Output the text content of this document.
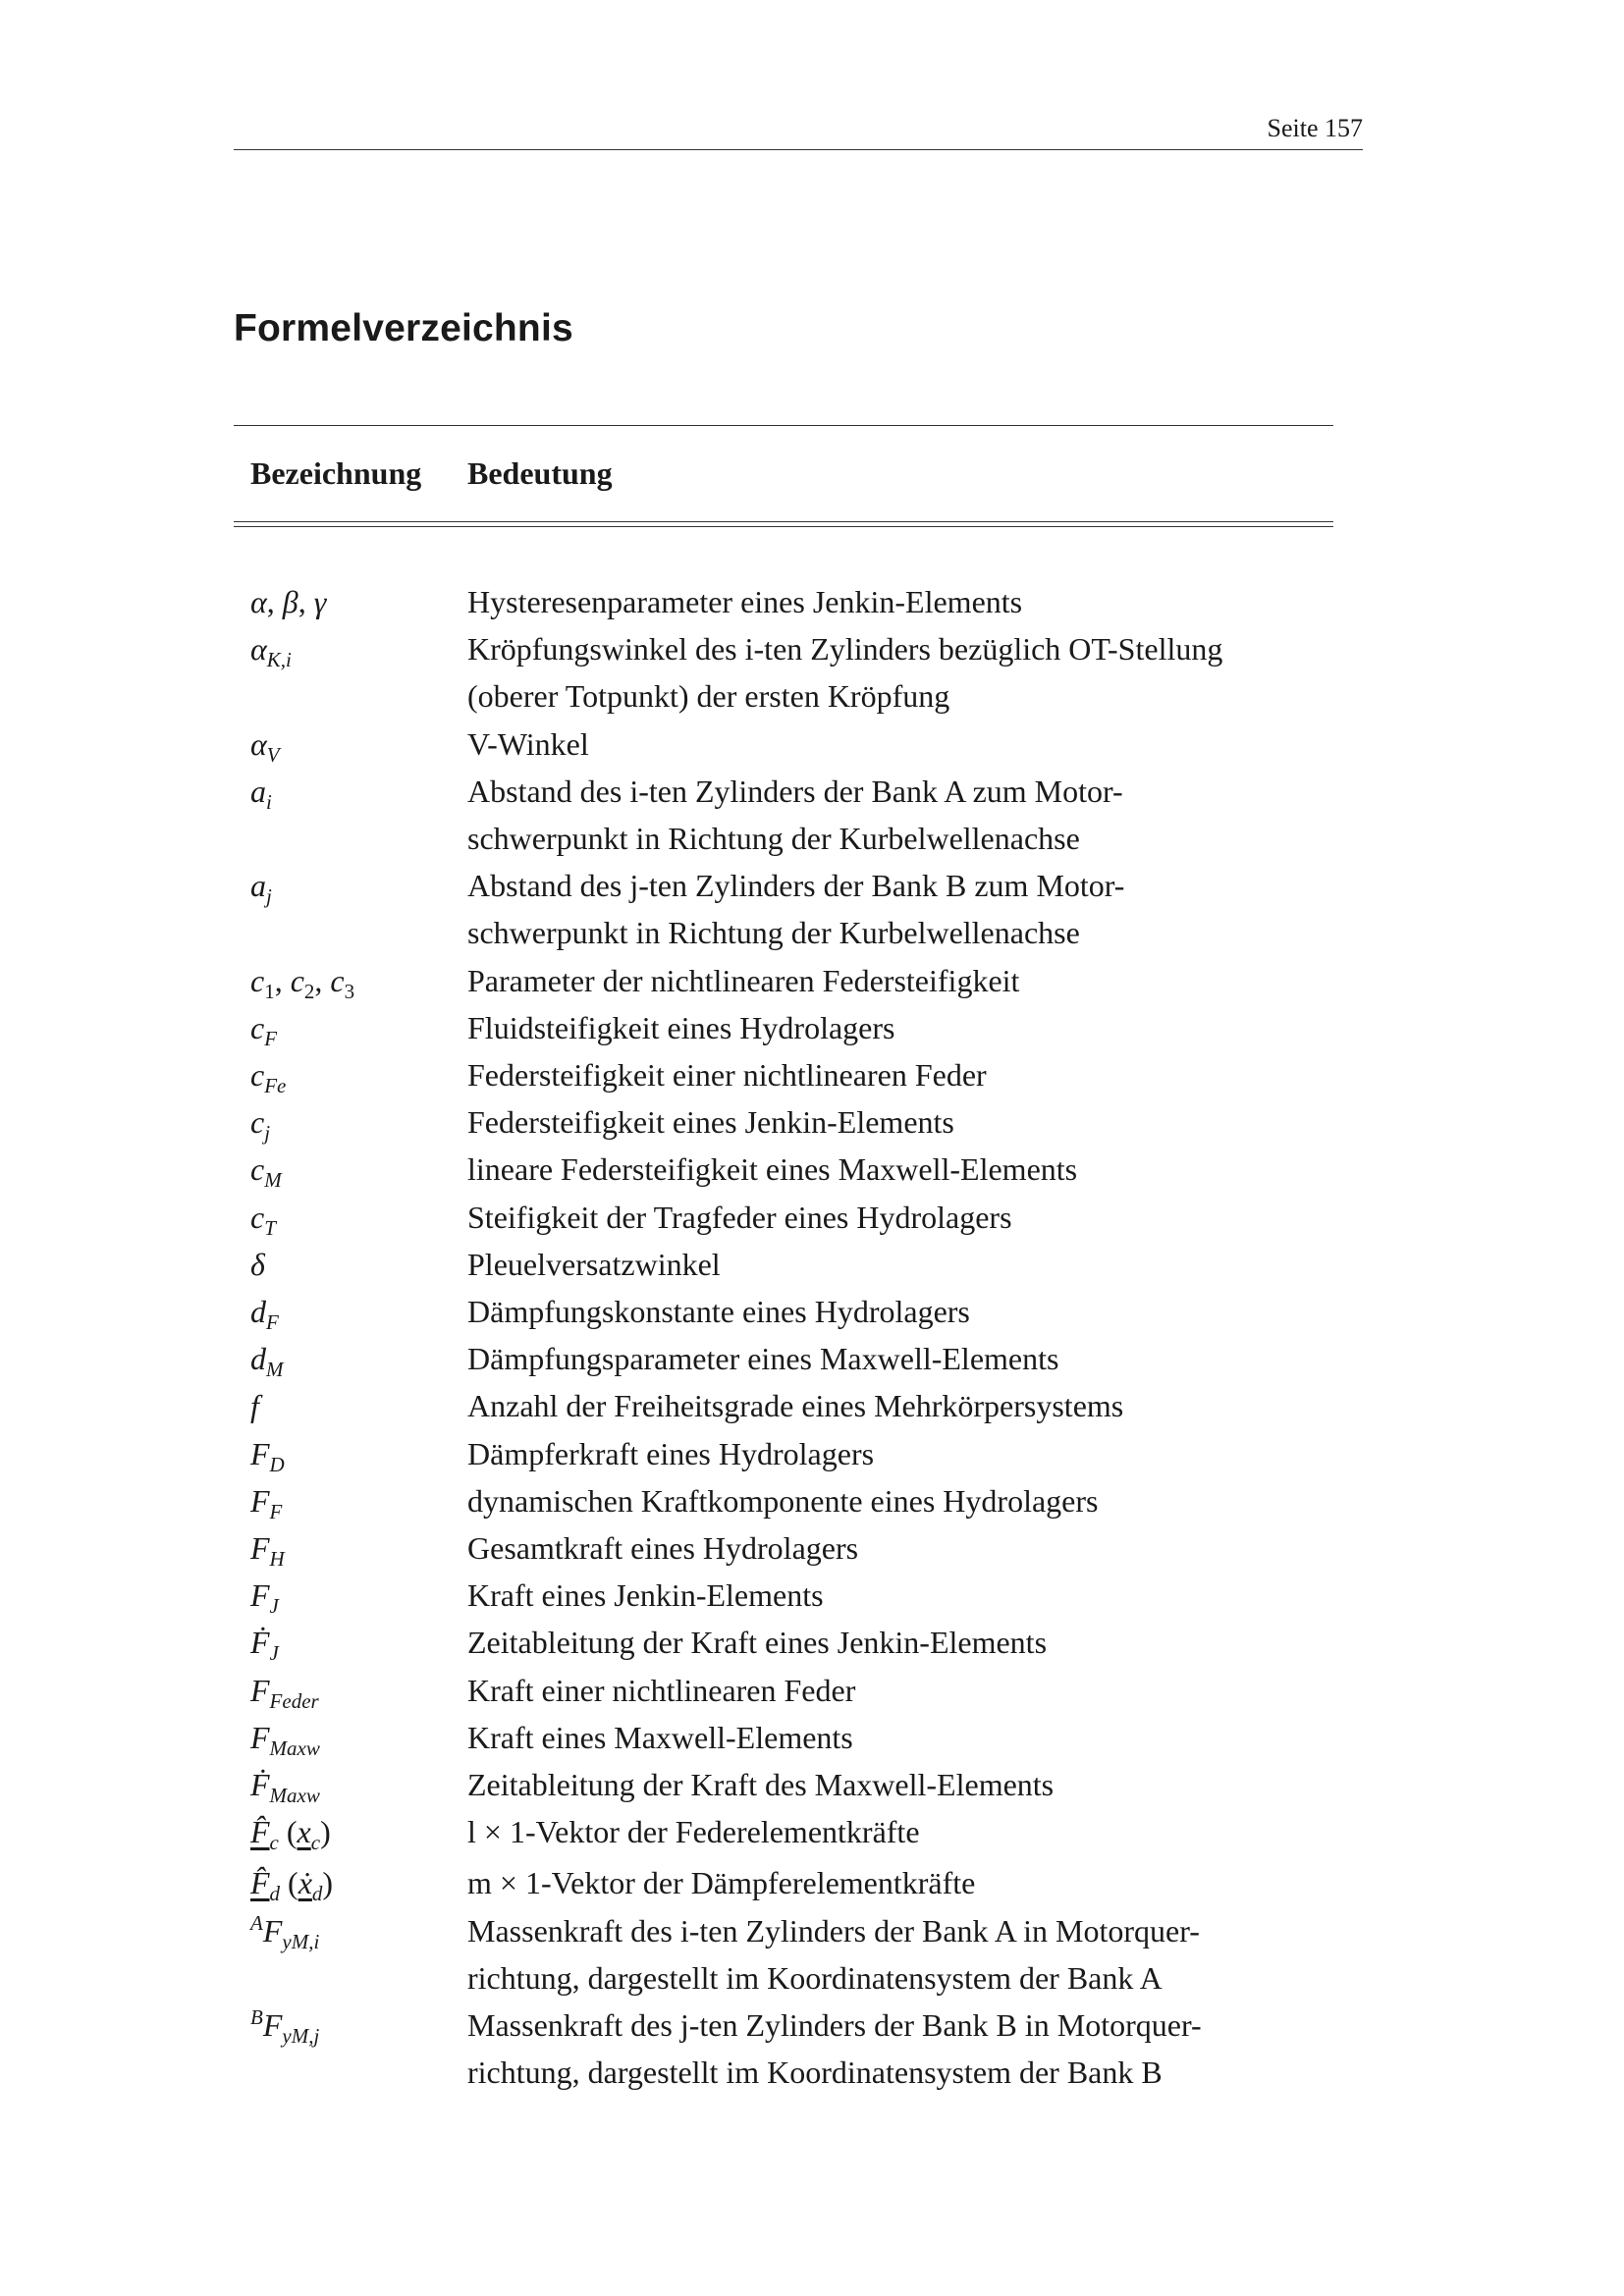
Seite 157
Formelverzeichnis
Bezeichnung	Bedeutung
α, β, γ	Hysteresenparameter eines Jenkin-Elements
$\alpha_{K,i}$	Kröpfungswinkel des i-ten Zylinders bezüglich OT-Stellung
(oberer Totpunkt) der ersten Kröpfung
$\alpha_V$	V-Winkel
$a_i$	Abstand des i-ten Zylinders der Bank A zum Motor-
schwerpunkt in Richtung der Kurbelwellenachse
$a_j$	Abstand des j-ten Zylinders der Bank B zum Motor-
schwerpunkt in Richtung der Kurbelwellenachse
$c_1$, $c_2$, $c_3$	Parameter der nichtlinearen Federsteifigkeit
$c_F$	Fluidsteifigkeit eines Hydrolagers
$c_{Fe}$	Federsteifigkeit einer nichtlinearen Feder
$c_j$	Federsteifigkeit eines Jenkin-Elements
$c_M$	lineare Federsteifigkeit eines Maxwell-Elements
$c_T$	Steifigkeit der Tragfeder eines Hydrolagers
δ	Pleuelversatzwinkel
$d_F$	Dämpfungskonstante eines Hydrolagers
$d_M$	Dämpfungsparameter eines Maxwell-Elements
f	Anzahl der Freiheitsgrade eines Mehrkörpersystems
$F_D$	Dämpferkraft eines Hydrolagers
$F_F$	dynamischen Kraftkomponente eines Hydrolagers
$F_H$	Gesamtkraft eines Hydrolagers
$F_J$	Kraft eines Jenkin-Elements
Ḟ$_J$	Zeitableitung der Kraft eines Jenkin-Elements
$F_{Feder}$	Kraft einer nichtlinearen Feder
$F_{Maxw}$	Kraft eines Maxwell-Elements
Ḟ$_{Maxw}$	Zeitableitung der Kraft des Maxwell-Elements
$F̂_c$ $(x_c)$	l × 1-Vektor der Federelementkräfte
$F̂_d$ (ẋ$_d$)	m × 1-Vektor der Dämpferelementkräfte
$^AF_{yM,i}$	Massenkraft des i-ten Zylinders der Bank A in Motorquer-
richtung, dargestellt im Koordinatensystem der Bank A
$^BF_{yM,j}$	Massenkraft des j-ten Zylinders der Bank B in Motorquer-
richtung, dargestellt im Koordinatensystem der Bank B
